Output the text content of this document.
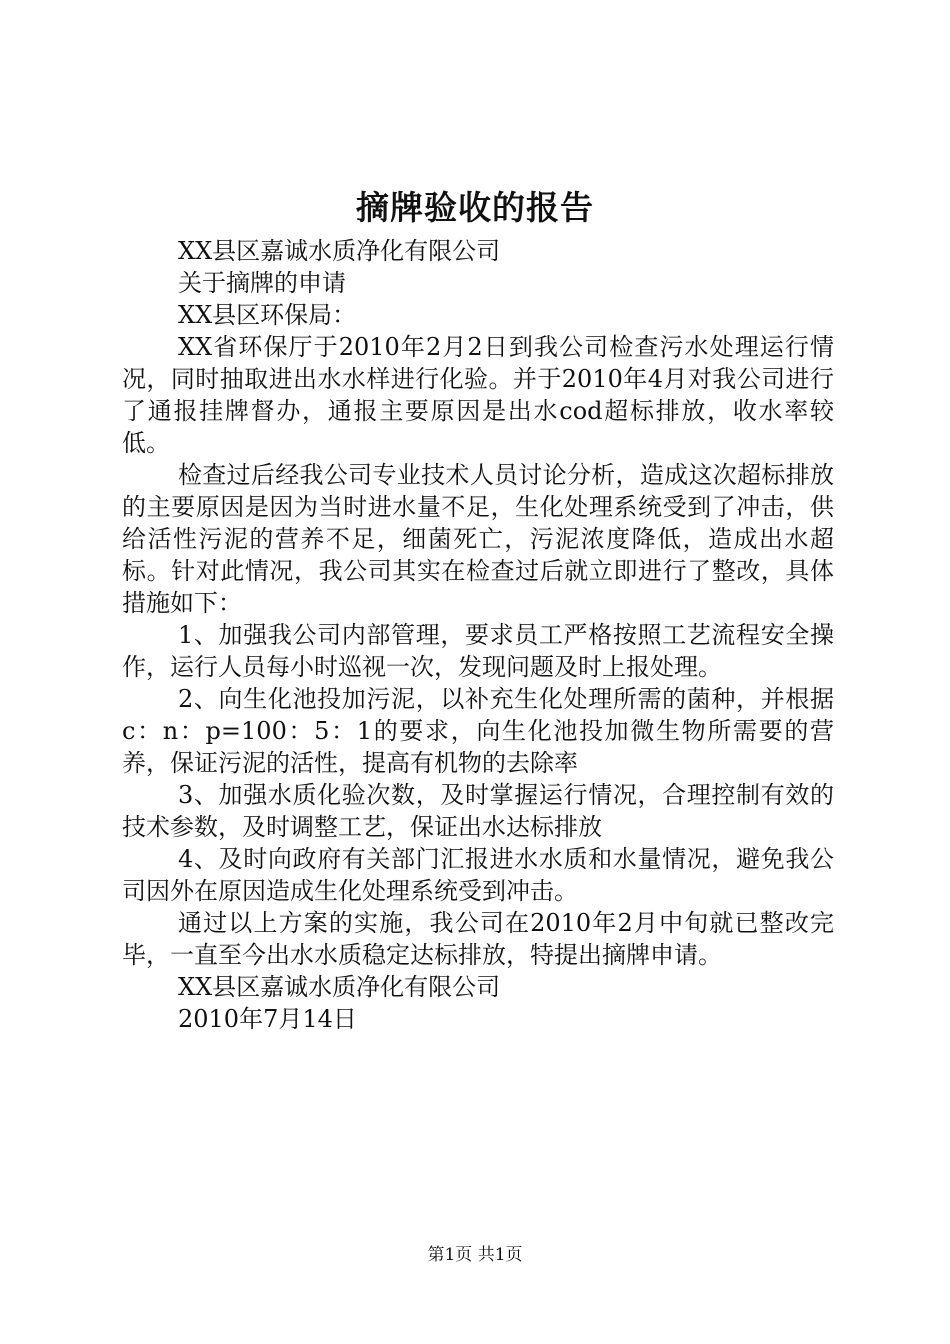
摘牌验收的报告

XX县区嘉诚水质净化有限公司

关于摘牌的申请

XX县区环保局：

XX省环保厅于2010年2月2日到我公司检查污水处理运行情况，同时抽取进出水水样进行化验。并于2010年4月对我公司进行了通报挂牌督办，通报主要原因是出水cod超标排放，收水率较低。

检查过后经我公司专业技术人员讨论分析，造成这次超标排放的主要原因是因为当时进水量不足，生化处理系统受到了冲击，供给活性污泥的营养不足，细菌死亡，污泥浓度降低，造成出水超标。针对此情况，我公司其实在检查过后就立即进行了整改，具体措施如下：

1、加强我公司内部管理，要求员工严格按照工艺流程安全操作，运行人员每小时巡视一次，发现问题及时上报处理。

2、向生化池投加污泥，以补充生化处理所需的菌种，并根据c：n：p=100：5：1的要求，向生化池投加微生物所需要的营养，保证污泥的活性，提高有机物的去除率

3、加强水质化验次数，及时掌握运行情况，合理控制有效的技术参数，及时调整工艺，保证出水达标排放

4、及时向政府有关部门汇报进水水质和水量情况，避免我公司因外在原因造成生化处理系统受到冲击。

通过以上方案的实施，我公司在2010年2月中旬就已整改完毕，一直至今出水水质稳定达标排放，特提出摘牌申请。

XX县区嘉诚水质净化有限公司

2010年7月14日

第1页 共1页
